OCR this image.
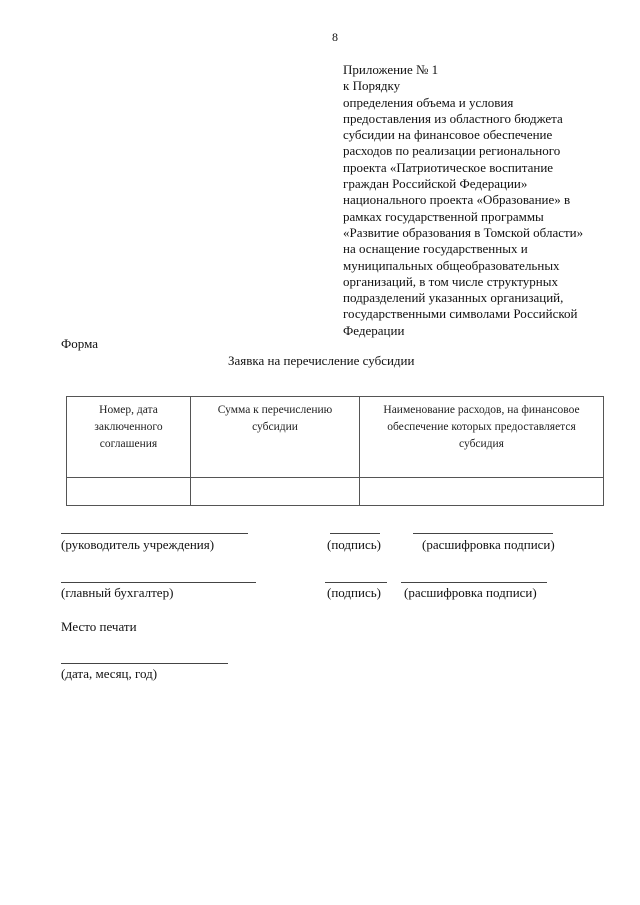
8
Приложение № 1
к Порядку
определения объема и условия
предоставления из областного бюджета
субсидии на финансовое обеспечение
расходов по реализации регионального
проекта «Патриотическое воспитание
граждан Российской Федерации»
национального проекта «Образование» в
рамках государственной программы
«Развитие образования в Томской области»
на оснащение государственных и
муниципальных общеобразовательных
организаций, в том числе структурных
подразделений указанных организаций,
государственными символами Российской
Федерации
Форма
Заявка на перечисление субсидии
Номер, дата заключенного соглашения	Сумма к перечислению субсидии	Наименование расходов, на финансовое обеспечение которых предоставляется субсидия

(руководитель учреждения)	(подпись)	(расшифровка подписи)
(главный бухгалтер)	(подпись) (расшифровка подписи)
Место печати
(дата, месяц, год)
